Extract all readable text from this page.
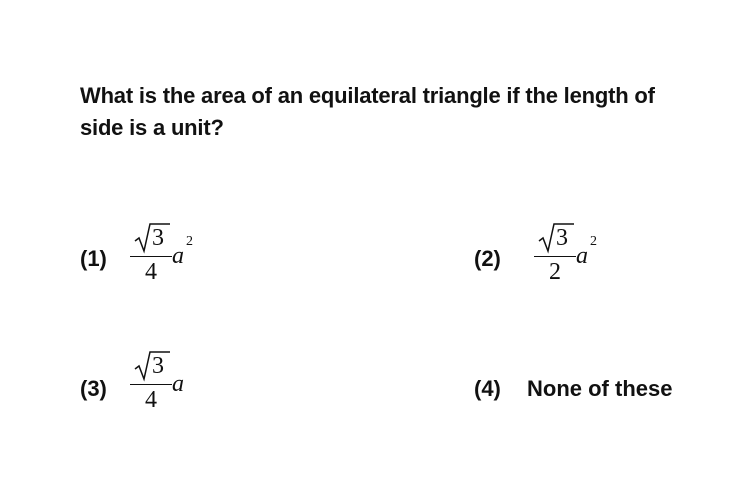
What is the area of an equilateral triangle if the length of side is a unit?
(1)
3
4
a
2
(2)
3
2
a
2
(3)
3
4
a	(4) None of these
